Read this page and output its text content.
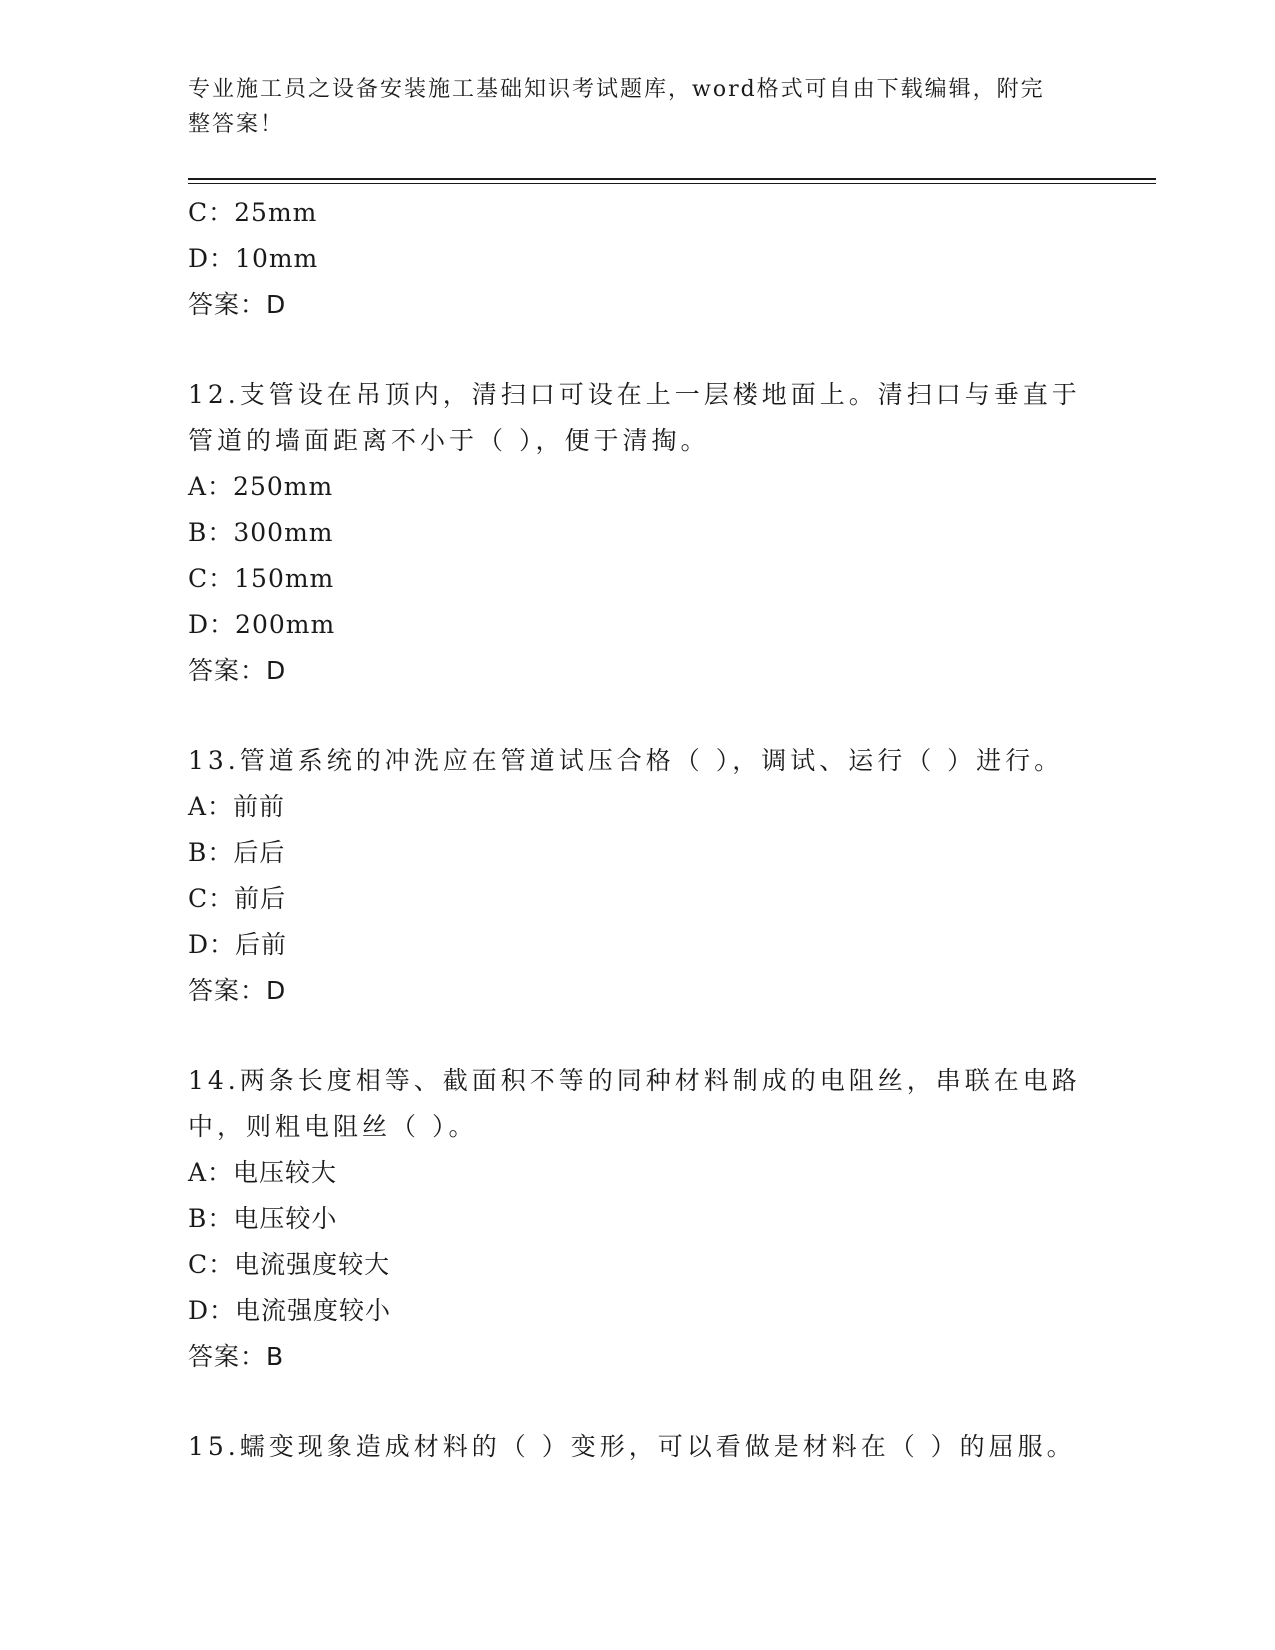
专业施工员之设备安装施工基础知识考试题库，word格式可自由下载编辑，附完整答案！
C：25mm
D：10mm
答案：D
12.支管设在吊顶内，清扫口可设在上一层楼地面上。清扫口与垂直于管道的墙面距离不小于（ ），便于清掏。
A：250mm
B：300mm
C：150mm
D：200mm
答案：D
13.管道系统的冲洗应在管道试压合格（ ），调试、运行（ ）进行。
A：前前
B：后后
C：前后
D：后前
答案：D
14.两条长度相等、截面积不等的同种材料制成的电阻丝，串联在电路中，则粗电阻丝（ ）。
A：电压较大
B：电压较小
C：电流强度较大
D：电流强度较小
答案：B
15.蠕变现象造成材料的（ ）变形，可以看做是材料在（ ）的屈服。
